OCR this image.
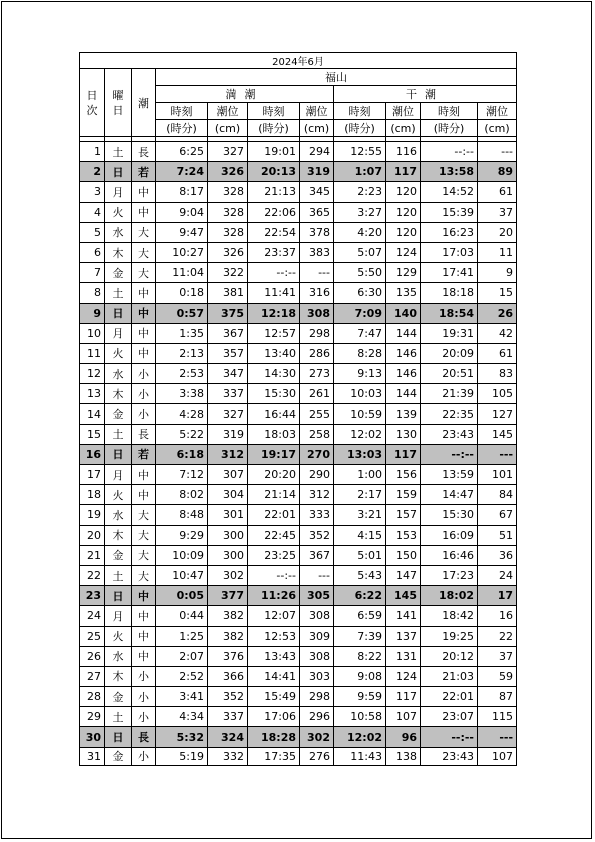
2024年6月										

日次	曜日	潮	福山							
			満潮				干潮			
			時刻	潮位	時刻	潮位	時刻	潮位	時刻	潮位
			(時分)	(cm)	(時分)	(cm)	(時分)	(cm)	(時分)	(cm)

1	土	長	6:25	327	19:01	294	12:55	116	--:--	---
2	日	若	7:24	326	20:13	319	1:07	117	13:58	89
3	月	中	8:17	328	21:13	345	2:23	120	14:52	61
4	火	中	9:04	328	22:06	365	3:27	120	15:39	37
5	水	大	9:47	328	22:54	378	4:20	120	16:23	20
6	木	大	10:27	326	23:37	383	5:07	124	17:03	11
7	金	大	11:04	322	--:--	---	5:50	129	17:41	9
8	土	中	0:18	381	11:41	316	6:30	135	18:18	15
9	日	中	0:57	375	12:18	308	7:09	140	18:54	26
10	月	中	1:35	367	12:57	298	7:47	144	19:31	42
11	火	中	2:13	357	13:40	286	8:28	146	20:09	61
12	水	小	2:53	347	14:30	273	9:13	146	20:51	83
13	木	小	3:38	337	15:30	261	10:03	144	21:39	105
14	金	小	4:28	327	16:44	255	10:59	139	22:35	127
15	土	長	5:22	319	18:03	258	12:02	130	23:43	145
16	日	若	6:18	312	19:17	270	13:03	117	--:--	---
17	月	中	7:12	307	20:20	290	1:00	156	13:59	101
18	火	中	8:02	304	21:14	312	2:17	159	14:47	84
19	水	大	8:48	301	22:01	333	3:21	157	15:30	67
20	木	大	9:29	300	22:45	352	4:15	153	16:09	51
21	金	大	10:09	300	23:25	367	5:01	150	16:46	36
22	土	大	10:47	302	--:--	---	5:43	147	17:23	24
23	日	中	0:05	377	11:26	305	6:22	145	18:02	17
24	月	中	0:44	382	12:07	308	6:59	141	18:42	16
25	火	中	1:25	382	12:53	309	7:39	137	19:25	22
26	水	中	2:07	376	13:43	308	8:22	131	20:12	37
27	木	小	2:52	366	14:41	303	9:08	124	21:03	59
28	金	小	3:41	352	15:49	298	9:59	117	22:01	87
29	土	小	4:34	337	17:06	296	10:58	107	23:07	115
30	日	長	5:32	324	18:28	302	12:02	96	--:--	---
31	金	小	5:19	332	17:35	276	11:43	138	23:43	107
